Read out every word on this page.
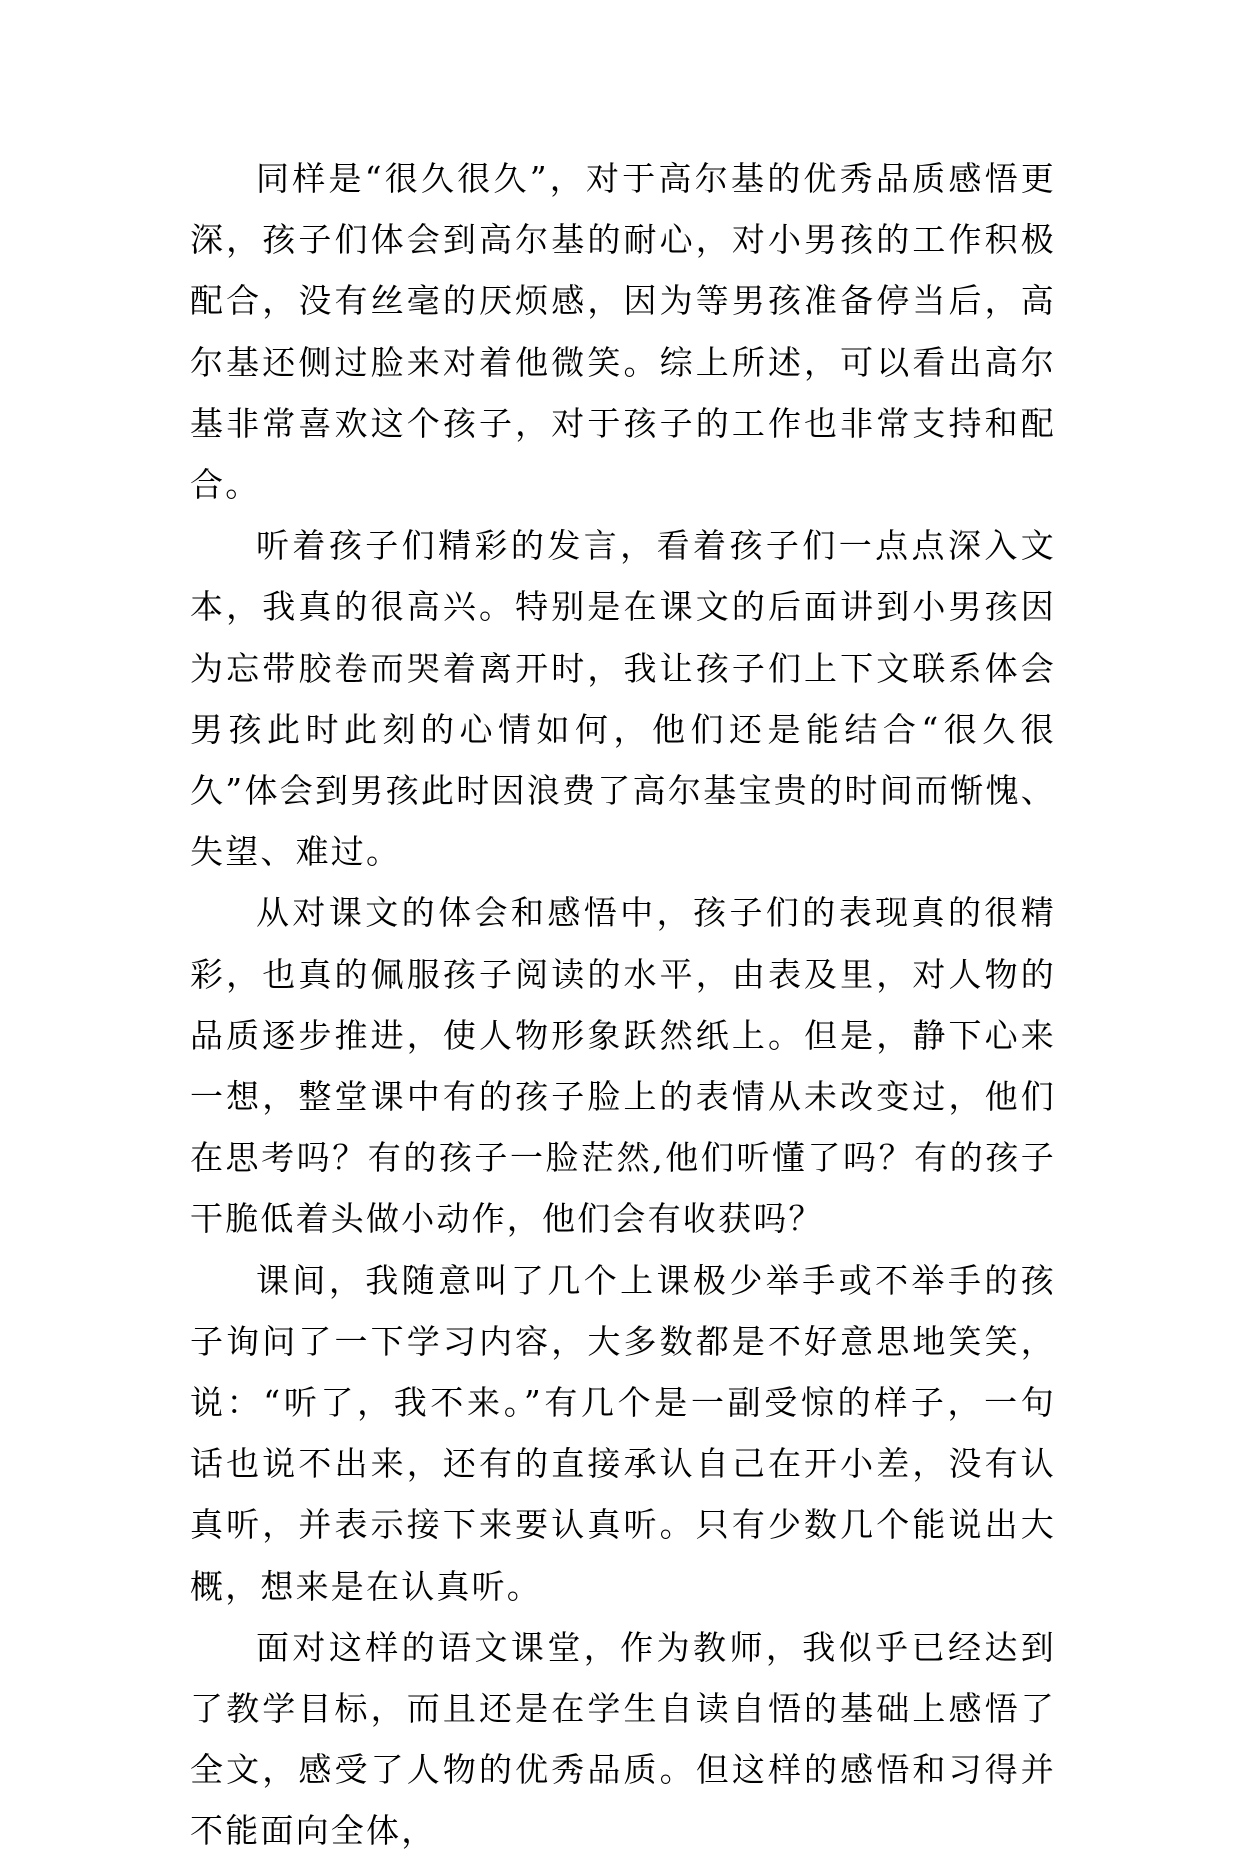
同样是“很久很久”，对于高尔基的优秀品质感悟更深，孩子们体会到高尔基的耐心，对小男孩的工作积极配合，没有丝毫的厌烦感，因为等男孩准备停当后，高尔基还侧过脸来对着他微笑。综上所述，可以看出高尔基非常喜欢这个孩子，对于孩子的工作也非常支持和配合。

听着孩子们精彩的发言，看着孩子们一点点深入文本，我真的很高兴。特别是在课文的后面讲到小男孩因为忘带胶卷而哭着离开时，我让孩子们上下文联系体会男孩此时此刻的心情如何，他们还是能结合“很久很久”体会到男孩此时因浪费了高尔基宝贵的时间而惭愧、失望、难过。

从对课文的体会和感悟中，孩子们的表现真的很精彩，也真的佩服孩子阅读的水平，由表及里，对人物的品质逐步推进，使人物形象跃然纸上。但是，静下心来一想，整堂课中有的孩子脸上的表情从未改变过，他们在思考吗？有的孩子一脸茫然,他们听懂了吗？有的孩子干脆低着头做小动作，他们会有收获吗？

课间，我随意叫了几个上课极少举手或不举手的孩子询问了一下学习内容，大多数都是不好意思地笑笑，说：“听了，我不来。”有几个是一副受惊的样子，一句话也说不出来，还有的直接承认自己在开小差，没有认真听，并表示接下来要认真听。只有少数几个能说出大概，想来是在认真听。

面对这样的语文课堂，作为教师，我似乎已经达到了教学目标，而且还是在学生自读自悟的基础上感悟了全文，感受了人物的优秀品质。但这样的感悟和习得并不能面向全体，
